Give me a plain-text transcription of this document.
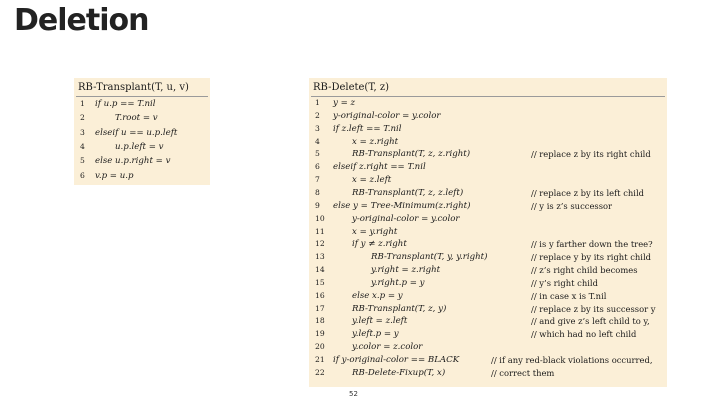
Deletion
RB-Transplant(T, u, v)
1	if u.p == T.nil
2	T.root = v
3	elseif u == u.p.left
4	u.p.left = v
5	else u.p.right = v
6	v.p = u.p
RB-Delete(T, z)
1	y = z
2	y-original-color = y.color
3	if z.left == T.nil
4	x = z.right
5	RB-Transplant(T, z, z.right)	// replace z by its right child
6	elseif z.right == T.nil
7	x = z.left
8	RB-Transplant(T, z, z.left)	// replace z by its left child
9	else y = Tree-Minimum(z.right)	// y is z’s successor
10	y-original-color = y.color
11	x = y.right
12	if y ≠ z.right	// is y farther down the tree?
13	RB-Transplant(T, y, y.right)	// replace y by its right child
14	y.right = z.right	// z’s right child becomes
15	y.right.p = y	// y’s right child
16	else x.p = y	// in case x is T.nil
17	RB-Transplant(T, z, y)	// replace z by its successor y
18	y.left = z.left	// and give z’s left child to y,
19	y.left.p = y	// which had no left child
20	y.color = z.color
21 if y-original-color == BLACK	// if any red-black violations occurred,
22	RB-Delete-Fixup(T, x)	// correct them
52
